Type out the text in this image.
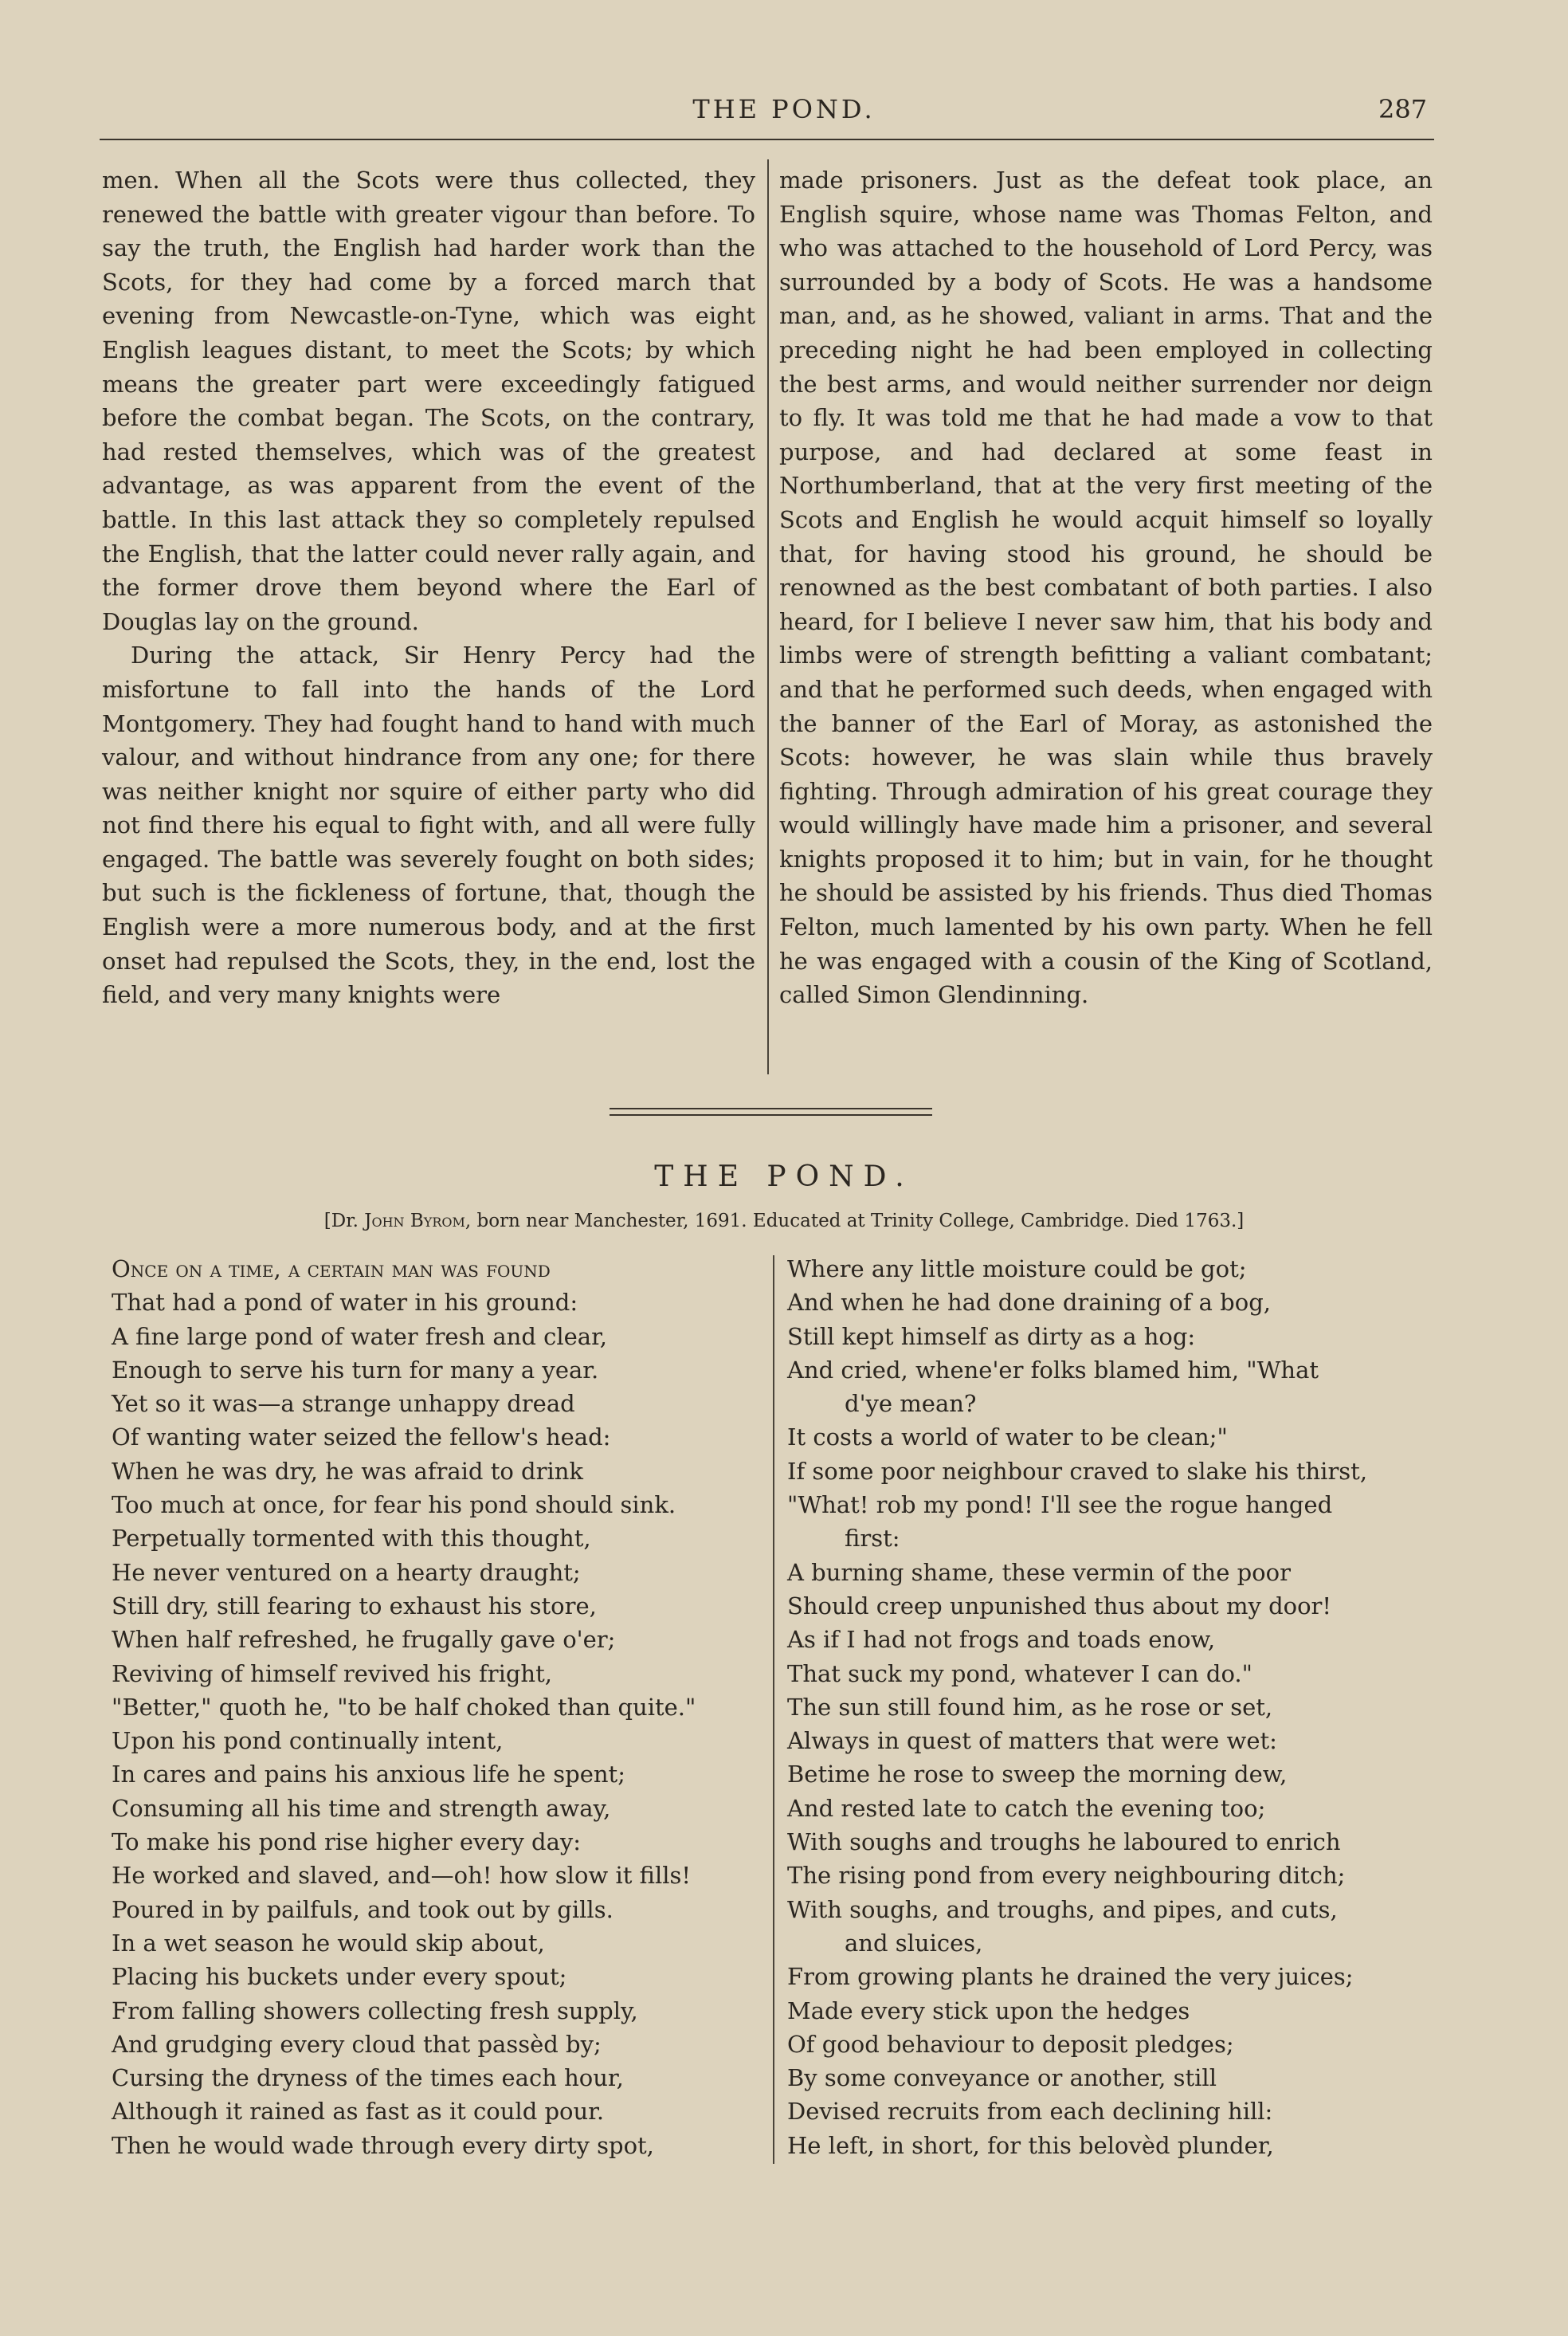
THE POND.	287

men. When all the Scots were thus collected, they renewed the battle with greater vigour than before. To say the truth, the English had harder work than the Scots, for they had come by a forced march that evening from Newcastle-on-Tyne, which was eight English leagues distant, to meet the Scots; by which means the greater part were exceedingly fatigued before the combat began. The Scots, on the contrary, had rested themselves, which was of the greatest advantage, as was apparent from the event of the battle. In this last attack they so completely repulsed the English, that the latter could never rally again, and the former drove them beyond where the Earl of Douglas lay on the ground.

During the attack, Sir Henry Percy had the misfortune to fall into the hands of the Lord Montgomery. They had fought hand to hand with much valour, and without hindrance from any one; for there was neither knight nor squire of either party who did not find there his equal to fight with, and all were fully engaged. The battle was severely fought on both sides; but such is the fickleness of fortune, that, though the English were a more numerous body, and at the first onset had repulsed the Scots, they, in the end, lost the field, and very many knights were

made prisoners. Just as the defeat took place, an English squire, whose name was Thomas Felton, and who was attached to the household of Lord Percy, was surrounded by a body of Scots. He was a handsome man, and, as he showed, valiant in arms. That and the preceding night he had been employed in collecting the best arms, and would neither surrender nor deign to fly. It was told me that he had made a vow to that purpose, and had declared at some feast in Northumberland, that at the very first meeting of the Scots and English he would acquit himself so loyally that, for having stood his ground, he should be renowned as the best combatant of both parties. I also heard, for I believe I never saw him, that his body and limbs were of strength befitting a valiant combatant; and that he performed such deeds, when engaged with the banner of the Earl of Moray, as astonished the Scots: however, he was slain while thus bravely fighting. Through admiration of his great courage they would willingly have made him a prisoner, and several knights proposed it to him; but in vain, for he thought he should be assisted by his friends. Thus died Thomas Felton, much lamented by his own party. When he fell he was engaged with a cousin of the King of Scotland, called Simon Glendinning.

THE POND.
[Dr. John Byrom, born near Manchester, 1691. Educated at Trinity College, Cambridge. Died 1763.]
Once on a time, a certain man was found
That had a pond of water in his ground:
A fine large pond of water fresh and clear,
Enough to serve his turn for many a year.
Yet so it was—a strange unhappy dread
Of wanting water seized the fellow's head:
When he was dry, he was afraid to drink
Too much at once, for fear his pond should sink.
Perpetually tormented with this thought,
He never ventured on a hearty draught;
Still dry, still fearing to exhaust his store,
When half refreshed, he frugally gave o'er;
Reviving of himself revived his fright,
"Better," quoth he, "to be half choked than quite."
Upon his pond continually intent,
In cares and pains his anxious life he spent;
Consuming all his time and strength away,
To make his pond rise higher every day:
He worked and slaved, and—oh! how slow it fills!
Poured in by pailfuls, and took out by gills.
In a wet season he would skip about,
Placing his buckets under every spout;
From falling showers collecting fresh supply,
And grudging every cloud that passèd by;
Cursing the dryness of the times each hour,
Although it rained as fast as it could pour.
Then he would wade through every dirty spot,
Where any little moisture could be got;
And when he had done draining of a bog,
Still kept himself as dirty as a hog:
And cried, whene'er folks blamed him, "What
d'ye mean?
It costs a world of water to be clean;"
If some poor neighbour craved to slake his thirst,
"What! rob my pond! I'll see the rogue hanged
first:
A burning shame, these vermin of the poor
Should creep unpunished thus about my door!
As if I had not frogs and toads enow,
That suck my pond, whatever I can do."
The sun still found him, as he rose or set,
Always in quest of matters that were wet:
Betime he rose to sweep the morning dew,
And rested late to catch the evening too;
With soughs and troughs he laboured to enrich
The rising pond from every neighbouring ditch;
With soughs, and troughs, and pipes, and cuts,
and sluices,
From growing plants he drained the very juices;
Made every stick upon the hedges
Of good behaviour to deposit pledges;
By some conveyance or another, still
Devised recruits from each declining hill:
He left, in short, for this belovèd plunder,
